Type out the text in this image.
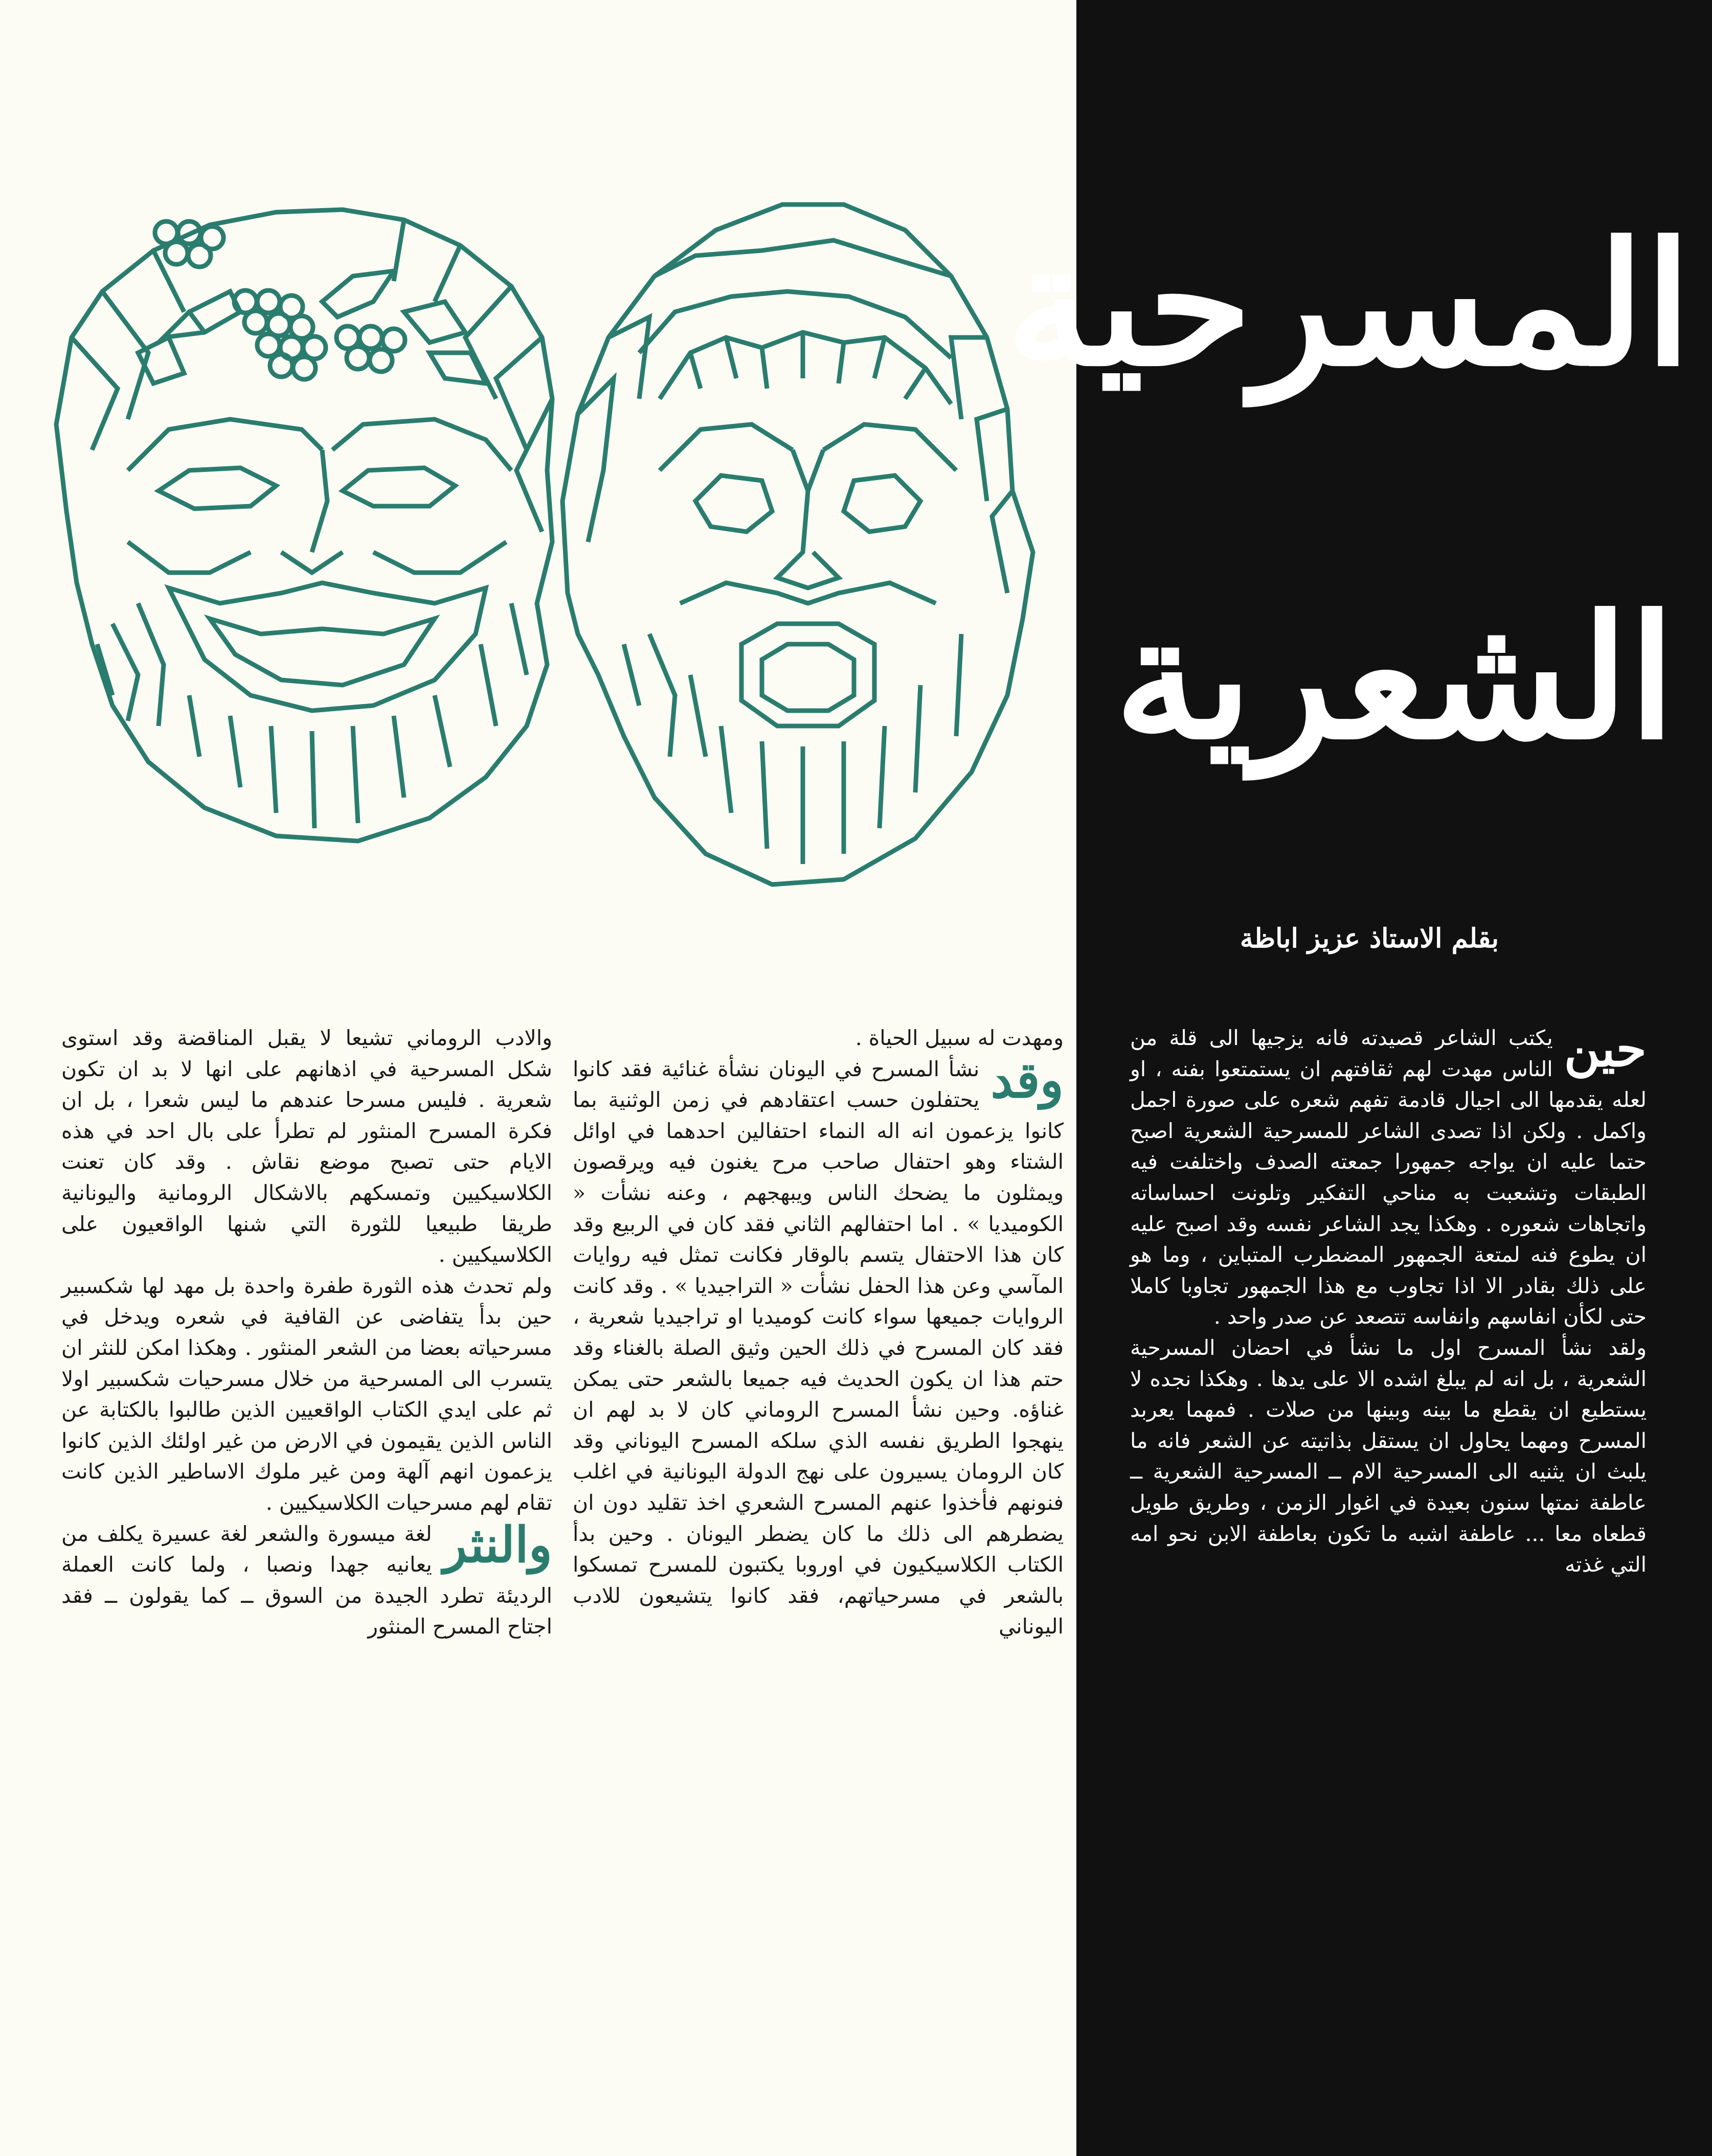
المسرحية
الشعرية
بقلم الاستاذ عزيز اباظة
حين

يكتب الشاعر قصيدته فانه يزجيها الى قلة من الناس مهدت لهم ثقافتهم ان يستمتعوا بفنه ، او لعله يقدمها الى اجيال قادمة تفهم شعره على صورة اجمل واكمل . ولكن اذا تصدى الشاعر للمسرحية الشعرية اصبح حتما عليه ان يواجه جمهورا جمعته الصدف واختلفت فيه الطبقات وتشعبت به مناحي التفكير وتلونت احساساته واتجاهات شعوره . وهكذا يجد الشاعر نفسه وقد اصبح عليه ان يطوع فنه لمتعة الجمهور المضطرب المتباين ، وما هو على ذلك بقادر الا اذا تجاوب مع هذا الجمهور تجاوبا كاملا حتى لكأن انفاسهم وانفاسه تتصعد عن صدر واحد .

ولقد نشأ المسرح اول ما نشأ في احضان المسرحية الشعرية ، بل انه لم يبلغ اشده الا على يدها . وهكذا نجده لا يستطيع ان يقطع ما بينه وبينها من صلات . فمهما يعربد المسرح ومهما يحاول ان يستقل بذاتيته عن الشعر فانه ما يلبث ان يثنيه الى المسرحية الام ــ المسرحية الشعرية ــ عاطفة نمتها سنون بعيدة في اغوار الزمن ، وطريق طويل قطعاه معا ... عاطفة اشبه ما تكون بعاطفة الابن نحو امه التي غذته

ومهدت له سبيل الحياة .

وقد

نشأ المسرح في اليونان نشأة غنائية فقد كانوا يحتفلون حسب اعتقادهم في زمن الوثنية بما كانوا يزعمون انه اله النماء احتفالين احدهما في اوائل الشتاء وهو احتفال صاحب مرح يغنون فيه ويرقصون ويمثلون ما يضحك الناس ويبهجهم ، وعنه نشأت « الكوميديا » . اما احتفالهم الثاني فقد كان في الربيع وقد كان هذا الاحتفال يتسم بالوقار فكانت تمثل فيه روايات المآسي وعن هذا الحفل نشأت « التراجيديا » . وقد كانت الروايات جميعها سواء كانت كوميديا او تراجيديا شعرية ، فقد كان المسرح في ذلك الحين وثيق الصلة بالغناء وقد حتم هذا ان يكون الحديث فيه جميعا بالشعر حتى يمكن غناؤه. وحين نشأ المسرح الروماني كان لا بد لهم ان ينهجوا الطريق نفسه الذي سلكه المسرح اليوناني وقد كان الرومان يسيرون على نهج الدولة اليونانية في اغلب فنونهم فأخذوا عنهم المسرح الشعري اخذ تقليد دون ان يضطرهم الى ذلك ما كان يضطر اليونان . وحين بدأ الكتاب الكلاسيكيون في اوروبا يكتبون للمسرح تمسكوا بالشعر في مسرحياتهم، فقد كانوا يتشيعون للادب اليوناني

والادب الروماني تشيعا لا يقبل المناقضة وقد استوى شكل المسرحية في اذهانهم على انها لا بد ان تكون شعرية . فليس مسرحا عندهم ما ليس شعرا ، بل ان فكرة المسرح المنثور لم تطرأ على بال احد في هذه الايام حتى تصبح موضع نقاش . وقد كان تعنت الكلاسيكيين وتمسكهم بالاشكال الرومانية واليونانية طريقا طبيعيا للثورة التي شنها الواقعيون على الكلاسيكيين .

ولم تحدث هذه الثورة طفرة واحدة بل مهد لها شكسبير حين بدأ يتفاضى عن القافية في شعره ويدخل في مسرحياته بعضا من الشعر المنثور . وهكذا امكن للنثر ان يتسرب الى المسرحية من خلال مسرحيات شكسبير اولا ثم على ايدي الكتاب الواقعيين الذين طالبوا بالكتابة عن الناس الذين يقيمون في الارض من غير اولئك الذين كانوا يزعمون انهم آلهة ومن غير ملوك الاساطير الذين كانت تقام لهم مسرحيات الكلاسيكيين .

والنثر

لغة ميسورة والشعر لغة عسيرة يكلف من يعانيه جهدا ونصبا ، ولما كانت العملة الرديئة تطرد الجيدة من السوق ــ كما يقولون ــ فقد اجتاح المسرح المنثور
